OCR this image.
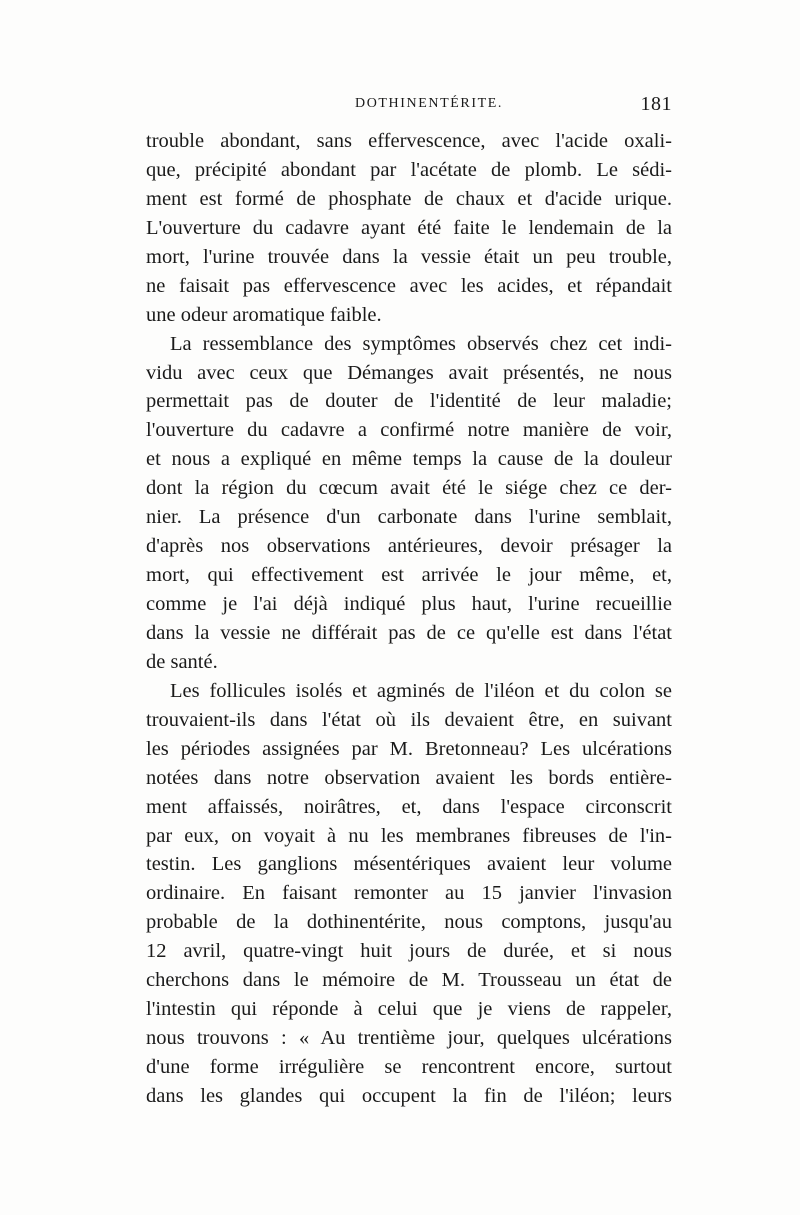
DOTHINENTÉRITE.	181
trouble abondant, sans effervescence, avec l'acide oxali-
que, précipité abondant par l'acétate de plomb. Le sédi-
ment est formé de phosphate de chaux et d'acide urique.
L'ouverture du cadavre ayant été faite le lendemain de la
mort, l'urine trouvée dans la vessie était un peu trouble,
ne faisait pas effervescence avec les acides, et répandait
une odeur aromatique faible.
La ressemblance des symptômes observés chez cet indi-
vidu avec ceux que Démanges avait présentés, ne nous
permettait pas de douter de l'identité de leur maladie;
l'ouverture du cadavre a confirmé notre manière de voir,
et nous a expliqué en même temps la cause de la douleur
dont la région du cœcum avait été le siége chez ce der-
nier. La présence d'un carbonate dans l'urine semblait,
d'après nos observations antérieures, devoir présager la
mort, qui effectivement est arrivée le jour même, et,
comme je l'ai déjà indiqué plus haut, l'urine recueillie
dans la vessie ne différait pas de ce qu'elle est dans l'état
de santé.
Les follicules isolés et agminés de l'iléon et du colon se
trouvaient-ils dans l'état où ils devaient être, en suivant
les périodes assignées par M. Bretonneau? Les ulcérations
notées dans notre observation avaient les bords entière-
ment affaissés, noirâtres, et, dans l'espace circonscrit
par eux, on voyait à nu les membranes fibreuses de l'in-
testin. Les ganglions mésentériques avaient leur volume
ordinaire. En faisant remonter au 15 janvier l'invasion
probable de la dothinentérite, nous comptons, jusqu'au
12 avril, quatre-vingt huit jours de durée, et si nous
cherchons dans le mémoire de M. Trousseau un état de
l'intestin qui réponde à celui que je viens de rappeler,
nous trouvons : « Au trentième jour, quelques ulcérations
d'une forme irrégulière se rencontrent encore, surtout
dans les glandes qui occupent la fin de l'iléon; leurs
